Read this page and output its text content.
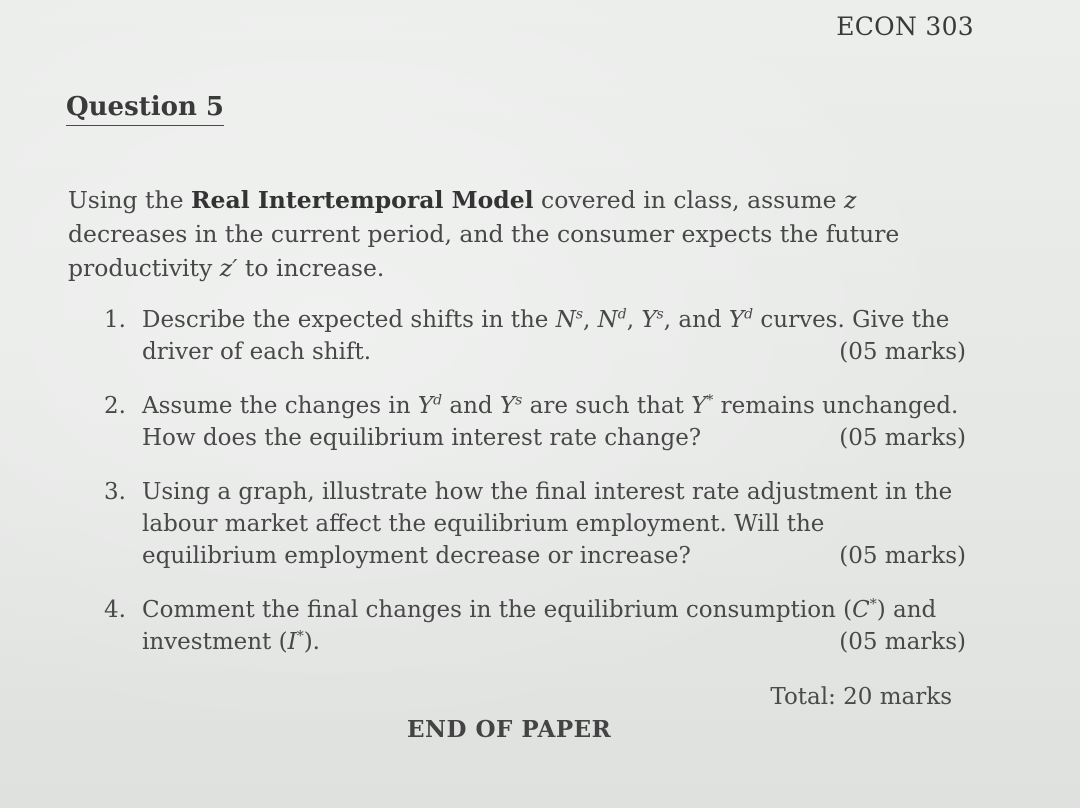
ECON 303
Question 5
Using the Real Intertemporal Model covered in class, assume z decreases in the current period, and the consumer expects the future productivity z′ to increase.
1. Describe the expected shifts in the $N^s$, $N^d$, $Y^s$, and $Y^d$ curves. Give the driver of each shift.	(05 marks)
2. Assume the changes in $Y^d$ and $Y^s$ are such that Y* remains unchanged. How does the equilibrium interest rate change?	(05 marks)
3. Using a graph, illustrate how the final interest rate adjustment in the labour market affect the equilibrium employment. Will the equilibrium employment decrease or increase?	(05 marks)
4. Comment the final changes in the equilibrium consumption (C*) and investment (I*).	(05 marks)
Total: 20 marks
END OF PAPER
